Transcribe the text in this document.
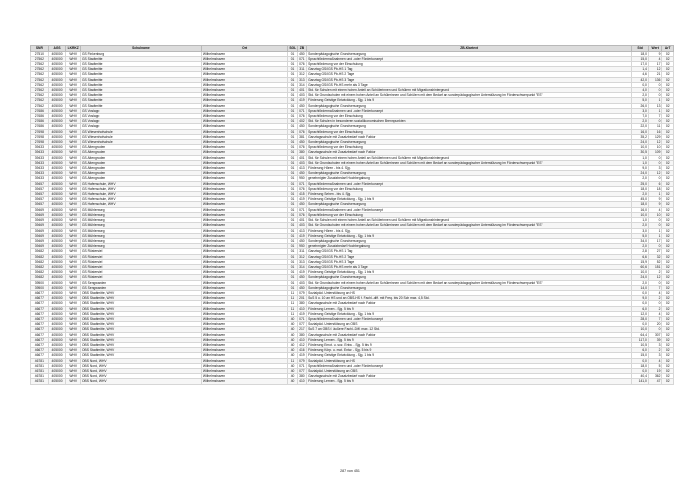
SNR	AGS	LKRKZ	Schulname	Ort	SGL	ZB	ZB-Klartext	Std	Wert	ArT
27510	405000	WHV	GS Finkenburg	Wilhelmshaven	01	450	Sonderpädagogische Grundversorgung	18,0	9	02
27562	405000	WHV	GS Stadtmitte	Wilhelmshaven	01	071	Sprachfördermaßnahmen und -oder Förderkonzept	15,0	4	02
27562	405000	WHV	GS Stadtmitte	Wilhelmshaven	01	076	Sprachförderung vor der Einschulung	17,0	17	02
27562	405000	WHV	GS Stadtmitte	Wilhelmshaven	01	311	Ganztag GS/IGS Pb-HS 1 Tag	1,4	12	02
27562	405000	WHV	GS Stadtmitte	Wilhelmshaven	01	312	Ganztag GS/IGS Pb-HS 2 Tage	4,6	21	02
27562	405000	WHV	GS Stadtmitte	Wilhelmshaven	01	313	Ganztag GS/IGS Pb-HS 3 Tage	42,0	136	02
27562	405000	WHV	GS Stadtmitte	Wilhelmshaven	01	314	Ganztag GS/IGS Pb-HS mehr als 3 Tage	0,0	0	02
27562	405000	WHV	GS Stadtmitte	Wilhelmshaven	01	401	Std. für Schulen mit einem hohen Anteil an Schülerinnen und Schülern mit Migrationshintergrund	4,0	0	02
27562	405000	WHV	GS Stadtmitte	Wilhelmshaven	01	403	Std. für Grundschulen mit einem hohen Anteil an Schülerinnen und Schülern mit dem Bedarf an sonderpädagogischer Unterstützung im Förderschwerpunkt "ES"	2,0	0	02
27562	405000	WHV	GS Stadtmitte	Wilhelmshaven	01	419	Förderung Geistige Entwicklung - Sjg. 1 bis 9	5,0	1	02
27562	405000	WHV	GS Stadtmitte	Wilhelmshaven	01	450	Sonderpädagogische Grundversorgung	26,0	13	02
27686	405000	WHV	GS Voslapp	Wilhelmshaven	01	071	Sprachfördermaßnahmen und -oder Förderkonzept	3,0	1	02
27686	405000	WHV	GS Voslapp	Wilhelmshaven	01	076	Sprachförderung vor der Einschulung	7,0	7	02
27686	405000	WHV	GS Voslapp	Wilhelmshaven	01	402	Std. für Schulen in besonderen sozialökonomischen Brennpunkten	2,0	0	02
27686	405000	WHV	GS Voslapp	Wilhelmshaven	01	450	Sonderpädagogische Grundversorgung	22,0	11	02
27698	405000	WHV	GS Wiesenhofschule	Wilhelmshaven	01	076	Sprachförderung vor der Einschulung	16,0	16	02
27698	405000	WHV	GS Wiesenhofschule	Wilhelmshaven	01	381	Ganztagsschule mit Zusatzbedarf nach Faktor	35,2	129	02
27698	405000	WHV	GS Wiesenhofschule	Wilhelmshaven	01	450	Sonderpädagogische Grundversorgung	24,0	12	02
39433	405000	WHV	GS Altengroden	Wilhelmshaven	01	076	Sprachförderung vor der Einschulung	10,0	10	02
39433	405000	WHV	GS Altengroden	Wilhelmshaven	01	380	Ganztagsschule mit Zusatzbedarf nach Faktor	30,5	109	02
39433	405000	WHV	GS Altengroden	Wilhelmshaven	01	401	Std. für Schulen mit einem hohen Anteil an Schülerinnen und Schülern mit Migrationshintergrund	1,0	0	02
39433	405000	WHV	GS Altengroden	Wilhelmshaven	01	403	Std. für Grundschulen mit einem hohen Anteil an Schülerinnen und Schülern mit dem Bedarf an sonderpädagogischer Unterstützung im Förderschwerpunkt "ES"	1,0	0	02
39433	405000	WHV	GS Altengroden	Wilhelmshaven	01	413	Förderung Hören - bis 4. Sjg.	9,0	3	02
39433	405000	WHV	GS Altengroden	Wilhelmshaven	01	450	Sonderpädagogische Grundversorgung	24,0	12	02
39433	405000	WHV	GS Altengroden	Wilhelmshaven	01	950	genehmigter Zusatzbedarf Hochbegabung	2,0	0	02
39457	405000	WHV	GS Hafenschule, WHV	Wilhelmshaven	01	071	Sprachfördermaßnahmen und -oder Förderkonzept	25,0	6	02
39457	405000	WHV	GS Hafenschule, WHV	Wilhelmshaven	01	076	Sprachförderung vor der Einschulung	18,0	18	02
39457	405000	WHV	GS Hafenschule, WHV	Wilhelmshaven	01	415	Förderung Sehen - bis 4. Sjg.	2,0	1	02
39457	405000	WHV	GS Hafenschule, WHV	Wilhelmshaven	01	419	Förderung Geistige Entwicklung - Sjg. 1 bis 9	45,0	9	02
39457	405000	WHV	GS Hafenschule, WHV	Wilhelmshaven	01	450	Sonderpädagogische Grundversorgung	18,0	9	02
39469	405000	WHV	GS Mühlenweg	Wilhelmshaven	01	071	Sprachfördermaßnahmen und -oder Förderkonzept	16,0	4	02
39469	405000	WHV	GS Mühlenweg	Wilhelmshaven	01	076	Sprachförderung vor der Einschulung	10,0	10	02
39469	405000	WHV	GS Mühlenweg	Wilhelmshaven	01	401	Std. für Schulen mit einem hohen Anteil an Schülerinnen und Schülern mit Migrationshintergrund	1,0	0	02
39469	405000	WHV	GS Mühlenweg	Wilhelmshaven	01	403	Std. für Grundschulen mit einem hohen Anteil an Schülerinnen und Schülern mit dem Bedarf an sonderpädagogischer Unterstützung im Förderschwerpunkt "ES"	2,0	0	02
39469	405000	WHV	GS Mühlenweg	Wilhelmshaven	01	413	Förderung Hören - bis 4. Sjg.	3,0	1	02
39469	405000	WHV	GS Mühlenweg	Wilhelmshaven	01	419	Förderung Geistige Entwicklung - Sjg. 1 bis 9	5,0	1	02
39469	405000	WHV	GS Mühlenweg	Wilhelmshaven	01	450	Sonderpädagogische Grundversorgung	34,0	17	02
39469	405000	WHV	GS Mühlenweg	Wilhelmshaven	01	950	genehmigter Zusatzbedarf Hochbegabung	2,0	0	02
39482	405000	WHV	GS Rüstersiel	Wilhelmshaven	01	311	Ganztag GS/IGS Pb-HS 1 Tag	2,8	27	02
39482	405000	WHV	GS Rüstersiel	Wilhelmshaven	01	312	Ganztag GS/IGS Pb-HS 2 Tage	6,6	32	02
39482	405000	WHV	GS Rüstersiel	Wilhelmshaven	01	313	Ganztag GS/IGS Pb-HS 3 Tage	15,9	52	02
39482	405000	WHV	GS Rüstersiel	Wilhelmshaven	01	314	Ganztag GS/IGS Pb-HS mehr als 3 Tage	60,6	151	02
39482	405000	WHV	GS Rüstersiel	Wilhelmshaven	01	419	Förderung Geistige Entwicklung - Sjg. 1 bis 9	10,0	2	02
39482	405000	WHV	GS Rüstersiel	Wilhelmshaven	01	450	Sonderpädagogische Grundversorgung	24,0	12	02
39500	405000	WHV	GS Sengwarden	Wilhelmshaven	01	403	Std. für Grundschulen mit einem hohen Anteil an Schülerinnen und Schülern mit dem Bedarf an sonderpädagogischer Unterstützung im Förderschwerpunkt "ES"	2,0	0	02
39500	405000	WHV	GS Sengwarden	Wilhelmshaven	01	450	Sonderpädagogische Grundversorgung	14,0	7	02
46677	405000	WHV	OBS Stadtmitte, WHV	Wilhelmshaven	11	079	Sozialpäd. Unterstützung an HS	0,0	4	02
46677	405000	WHV	OBS Stadtmitte, WHV	Wilhelmshaven	11	201	SuS 5 u. 10 an HS und an OBS-HS f. Fachl.-diff. mit Freq. bis 20 Sch max. 4,5 Std.	9,0	2	02
46677	405000	WHV	OBS Stadtmitte, WHV	Wilhelmshaven	11	380	Ganztagsschule mit Zusatzbedarf nach Faktor	0,0	0	02
46677	405000	WHV	OBS Stadtmitte, WHV	Wilhelmshaven	11	410	Förderung Lernen - Sjg. 5 bis 9	6,0	2	02
46677	405000	WHV	OBS Stadtmitte, WHV	Wilhelmshaven	11	419	Förderung Geistige Entwicklung - Sjg. 1 bis 9	12,0	4	02
46677	405000	WHV	OBS Stadtmitte, WHV	Wilhelmshaven	40	071	Sprachfördermaßnahmen und -oder Förderkonzept	28,0	7	02
46677	405000	WHV	OBS Stadtmitte, WHV	Wilhelmshaven	40	077	Sozialpäd. Unterstützung an OBS	0,0	20	02
46677	405000	WHV	OBS Stadtmitte, WHV	Wilhelmshaven	40	217	SuS 7 an OBS f. äußere Fachl.-Diff. max. 12 Std.	10,0	0	02
46677	405000	WHV	OBS Stadtmitte, WHV	Wilhelmshaven	40	380	Ganztagsschule mit Zusatzbedarf nach Faktor	64,4	307	02
46677	405000	WHV	OBS Stadtmitte, WHV	Wilhelmshaven	40	410	Förderung Lernen - Sjg. 5 bis 9	117,0	39	02
46677	405000	WHV	OBS Stadtmitte, WHV	Wilhelmshaven	40	412	Förderung Emot. u. soz. Entw. - Sjg. 5 bis 9	10,5	3	02
46677	405000	WHV	OBS Stadtmitte, WHV	Wilhelmshaven	40	416	Förderung Körp. u. mot. Entw. - Sjg. 5 bis 9	6,0	2	02
46677	405000	WHV	OBS Stadtmitte, WHV	Wilhelmshaven	40	419	Förderung Geistige Entwicklung - Sjg. 1 bis 9	15,0	3	02
46781	405000	WHV	OBS Nord, WHV	Wilhelmshaven	11	079	Sozialpäd. Unterstützung an HS	0,0	4	02
46781	405000	WHV	OBS Nord, WHV	Wilhelmshaven	40	071	Sprachfördermaßnahmen und -oder Förderkonzept	18,0	5	02
46781	405000	WHV	OBS Nord, WHV	Wilhelmshaven	40	077	Sozialpäd. Unterstützung an OBS	0,0	19	02
46781	405000	WHV	OBS Nord, WHV	Wilhelmshaven	40	380	Ganztagsschule mit Zusatzbedarf nach Faktor	40,4	362	02
46781	405000	WHV	OBS Nord, WHV	Wilhelmshaven	40	410	Förderung Lernen - Sjg. 5 bis 9	141,0	47	02
287 von 451
